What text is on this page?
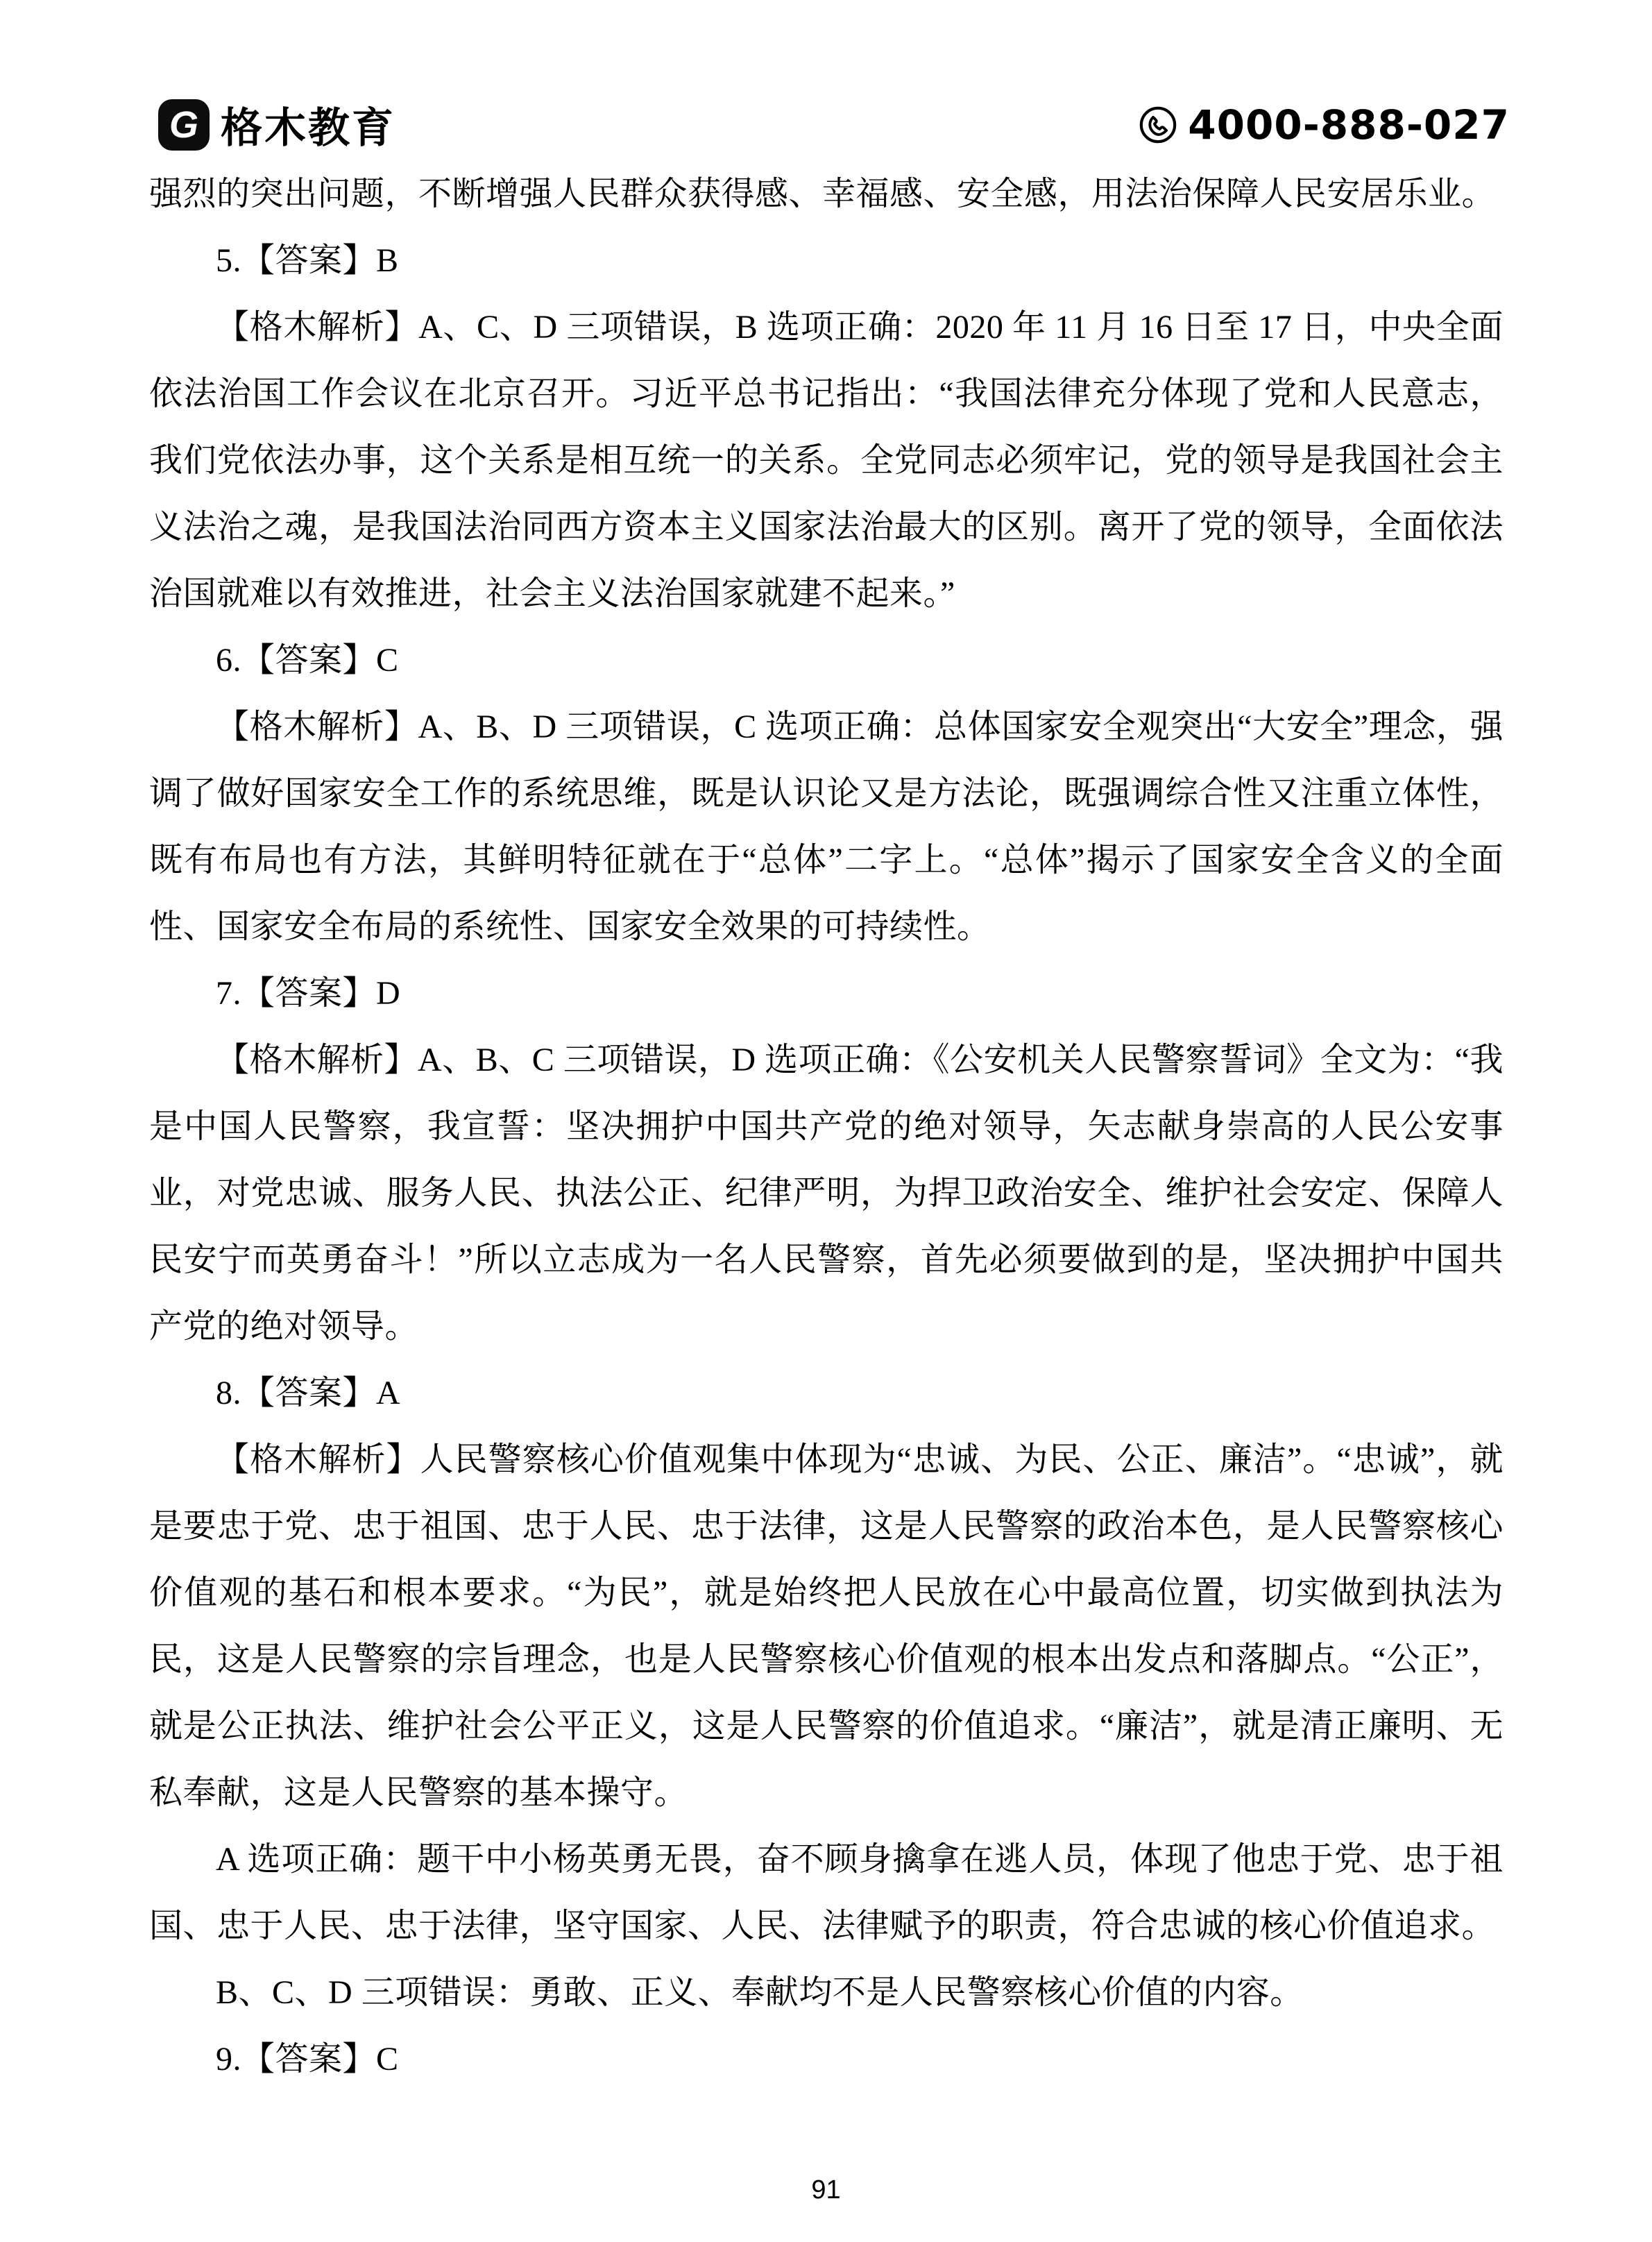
G 格木教育	4000-888-027

强烈的突出问题，不断增强人民群众获得感、幸福感、安全感，用法治保障人民安居乐业。

5.【答案】B

【格木解析】A、C、D 三项错误，B 选项正确：2020 年 11 月 16 日至 17 日，中央全面依法治国工作会议在北京召开。习近平总书记指出：“我国法律充分体现了党和人民意志，我们党依法办事，这个关系是相互统一的关系。全党同志必须牢记，党的领导是我国社会主义法治之魂，是我国法治同西方资本主义国家法治最大的区别。离开了党的领导，全面依法治国就难以有效推进，社会主义法治国家就建不起来。”

6.【答案】C

【格木解析】A、B、D 三项错误，C 选项正确：总体国家安全观突出“大安全”理念，强调了做好国家安全工作的系统思维，既是认识论又是方法论，既强调综合性又注重立体性，既有布局也有方法，其鲜明特征就在于“总体”二字上。“总体”揭示了国家安全含义的全面性、国家安全布局的系统性、国家安全效果的可持续性。

7.【答案】D

【格木解析】A、B、C 三项错误，D 选项正确：《公安机关人民警察誓词》全文为：“我是中国人民警察，我宣誓：坚决拥护中国共产党的绝对领导，矢志献身崇高的人民公安事业，对党忠诚、服务人民、执法公正、纪律严明，为捍卫政治安全、维护社会安定、保障人民安宁而英勇奋斗！”所以立志成为一名人民警察，首先必须要做到的是，坚决拥护中国共产党的绝对领导。

8.【答案】A

【格木解析】人民警察核心价值观集中体现为“忠诚、为民、公正、廉洁”。“忠诚”，就是要忠于党、忠于祖国、忠于人民、忠于法律，这是人民警察的政治本色，是人民警察核心价值观的基石和根本要求。“为民”，就是始终把人民放在心中最高位置，切实做到执法为民，这是人民警察的宗旨理念，也是人民警察核心价值观的根本出发点和落脚点。“公正”，就是公正执法、维护社会公平正义，这是人民警察的价值追求。“廉洁”，就是清正廉明、无私奉献，这是人民警察的基本操守。

A 选项正确：题干中小杨英勇无畏，奋不顾身擒拿在逃人员，体现了他忠于党、忠于祖国、忠于人民、忠于法律，坚守国家、人民、法律赋予的职责，符合忠诚的核心价值追求。

B、C、D 三项错误：勇敢、正义、奉献均不是人民警察核心价值的内容。

9.【答案】C

91
